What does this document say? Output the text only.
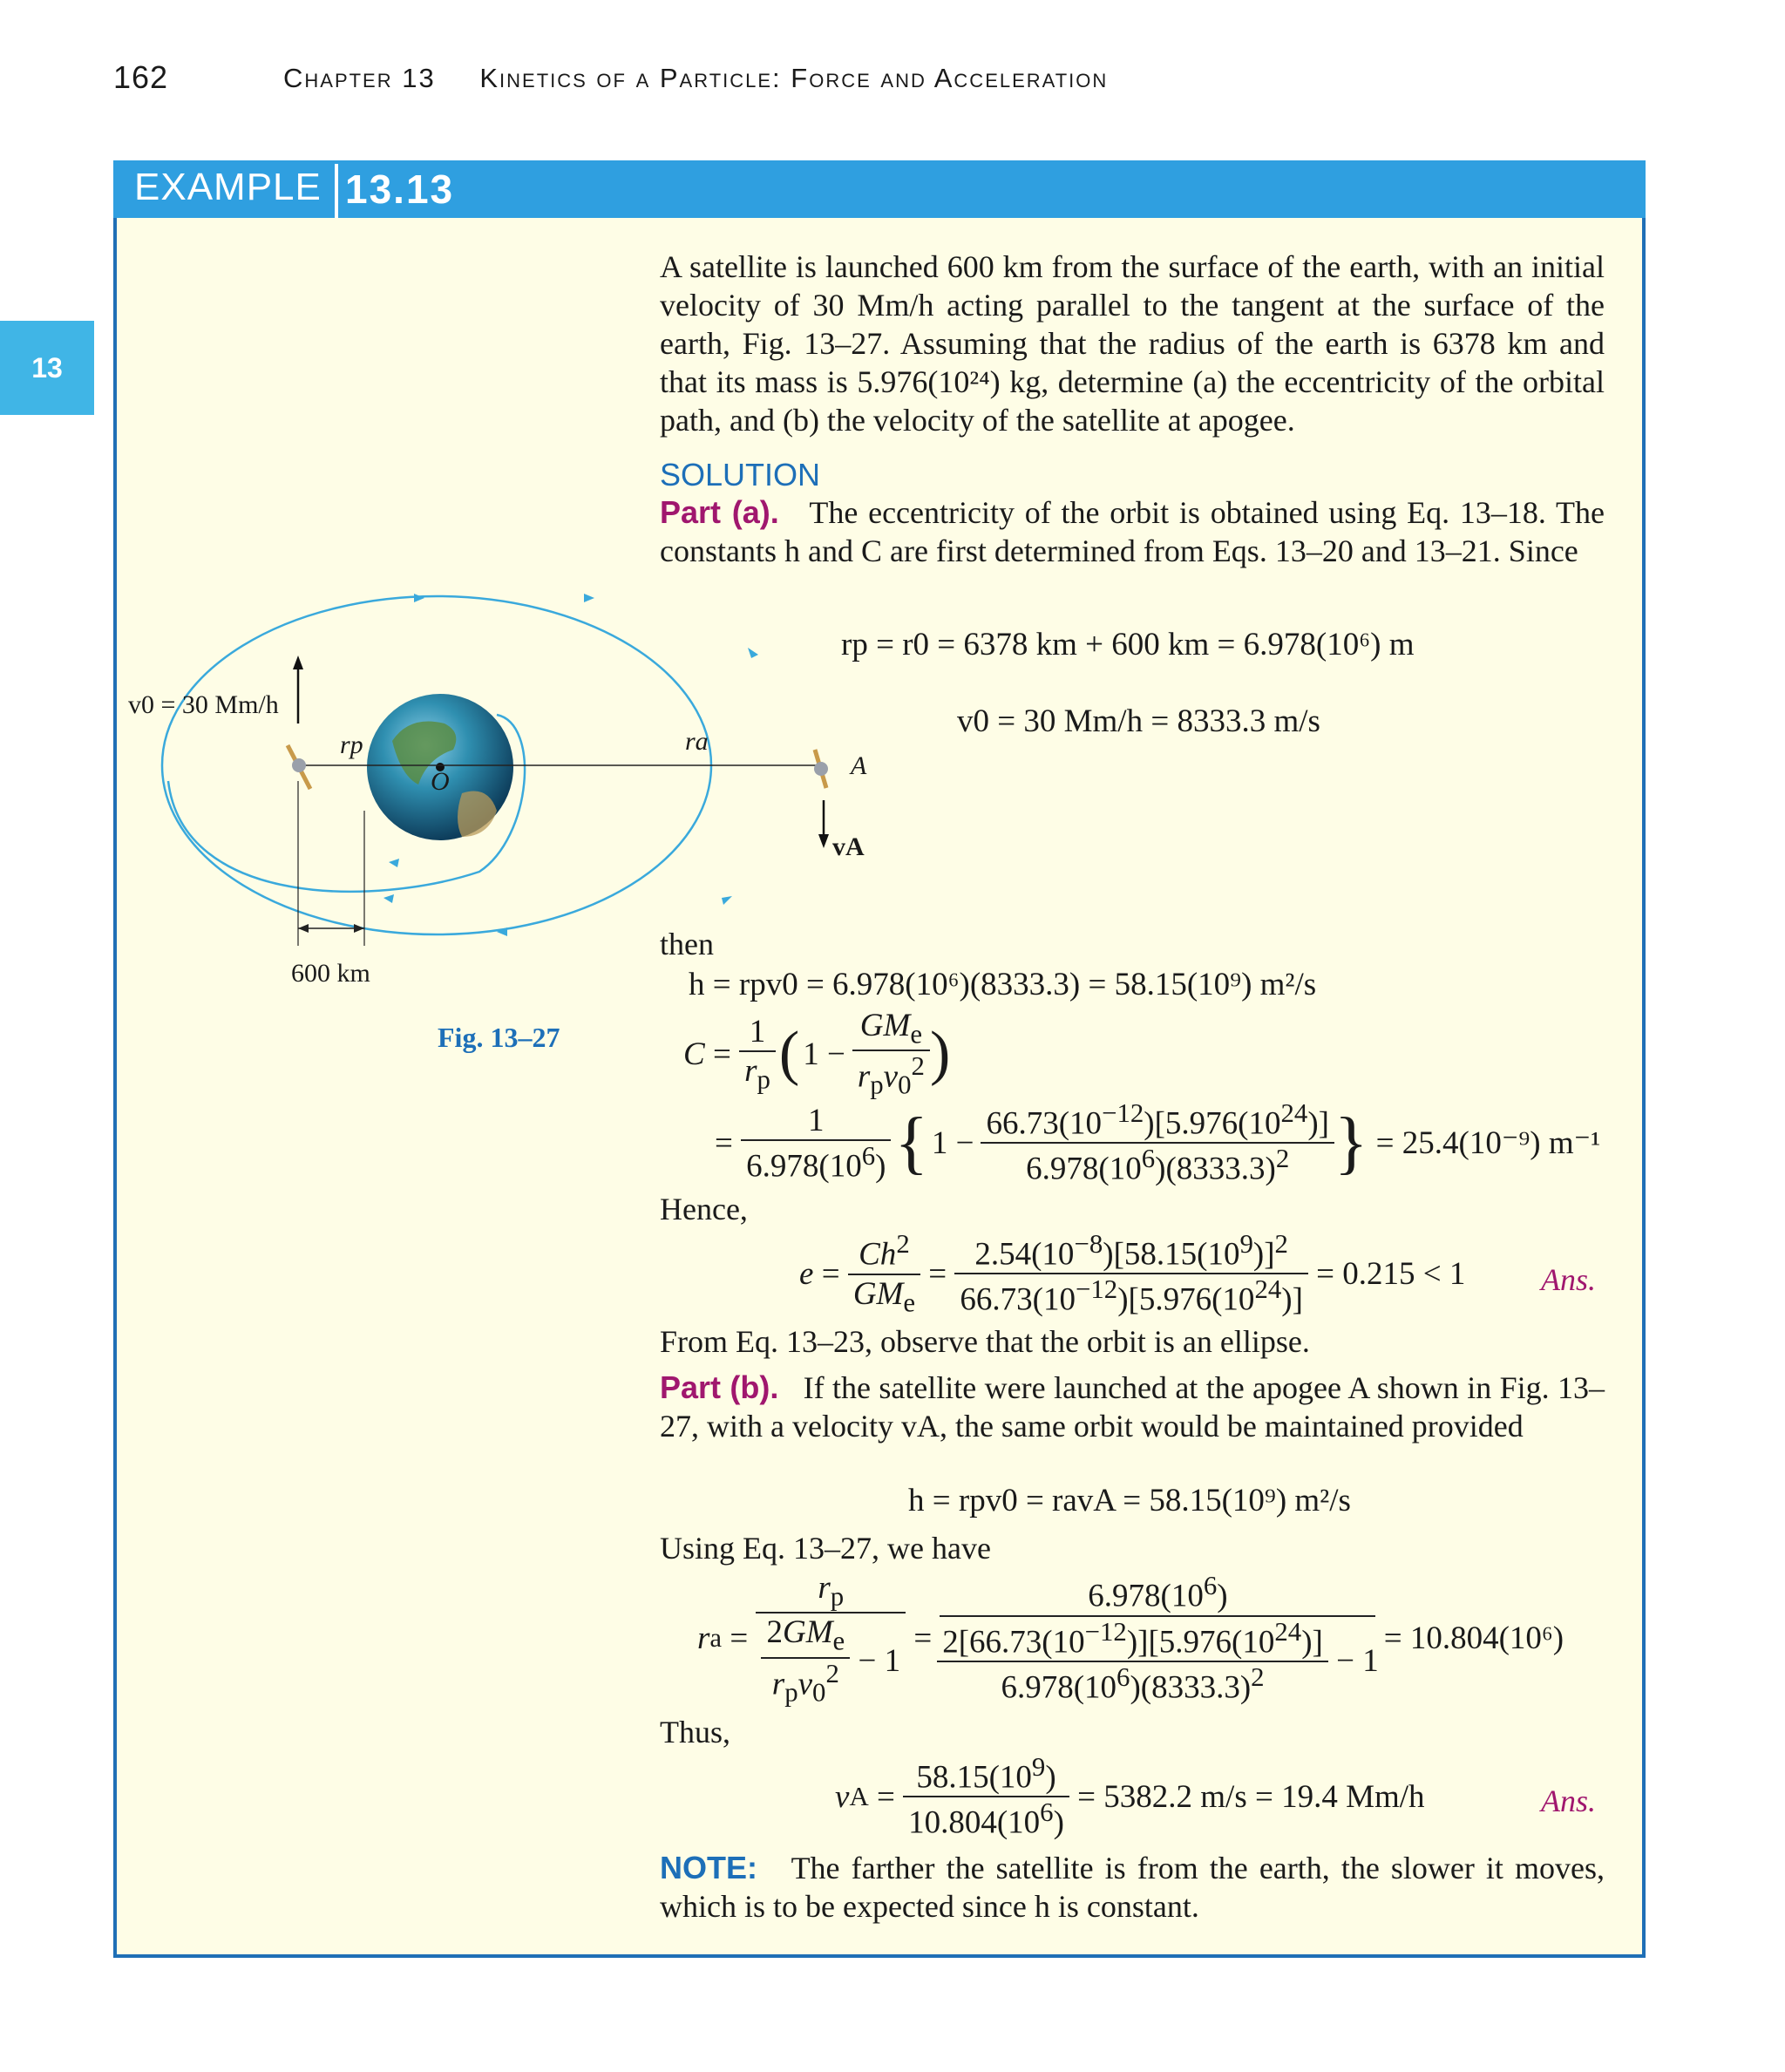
162	Chapter 13 Kinetics of a Particle: Force and Acceleration
13
EXAMPLE 13.13
A satellite is launched 600 km from the surface of the earth, with an initial velocity of 30 Mm/h acting parallel to the tangent at the surface of the earth, Fig. 13–27. Assuming that the radius of the earth is 6378 km and that its mass is 5.976(10²⁴) kg, determine (a) the eccentricity of the orbital path, and (b) the velocity of the satellite at apogee.
SOLUTION
Part (a). The eccentricity of the orbit is obtained using Eq. 13–18. The constants h and C are first determined from Eqs. 13–20 and 13–21. Since
rp = r0 = 6378 km + 600 km = 6.978(10⁶) m
v0 = 30 Mm/h = 8333.3 m/s
then
h = rpv0 = 6.978(10⁶)(8333.3) = 58.15(10⁹) m²/s
$C = \frac{1}{r_p}$ ( $1 - \frac{GM_e}{r_pv_0^2}$ )
= $\frac{1}{6.978(10^6)}$ { $1 - \frac{66.73(10^{-12})[5.976(10^{24})]}{6.978(10^6)(8333.3)^2}$ }
= 25.4(10⁻⁹) m⁻¹
Hence,
$e = \frac{Ch^2}{GM_e} = \frac{2.54(10^{-8})[58.15(10^9)]^2}{66.73(10^{-12})[5.976(10^{24})]}$
= 0.215 < 1 Ans.
From Eq. 13–23, observe that the orbit is an ellipse.
Part (b). If the satellite were launched at the apogee A shown in Fig. 13–27, with a velocity vA, the same orbit would be maintained provided
h = rpv0 = ravA = 58.15(10⁹) m²/s
Using Eq. 13–27, we have
r $a = \frac{r_p}{\frac{2GM_e}{r_pv_0^2} - 1} = \frac{6.978(10^6)}{\frac{2[66.73(10^{-12})][5.976(10^{24})]}{6.978(10^6)(8333.3)^2} - 1}$
= 10.804(10⁶)
Thus,
v $A = \frac{58.15(10^9)}{10.804(10^6)}$
= 5382.2 m/s = 19.4 Mm/h	Ans.
NOTE: The farther the satellite is from the earth, the slower it moves, which is to be expected since h is constant.
v0 = 30 Mm/h
rp	ra
O
A
vA
600 km
Fig. 13–27
